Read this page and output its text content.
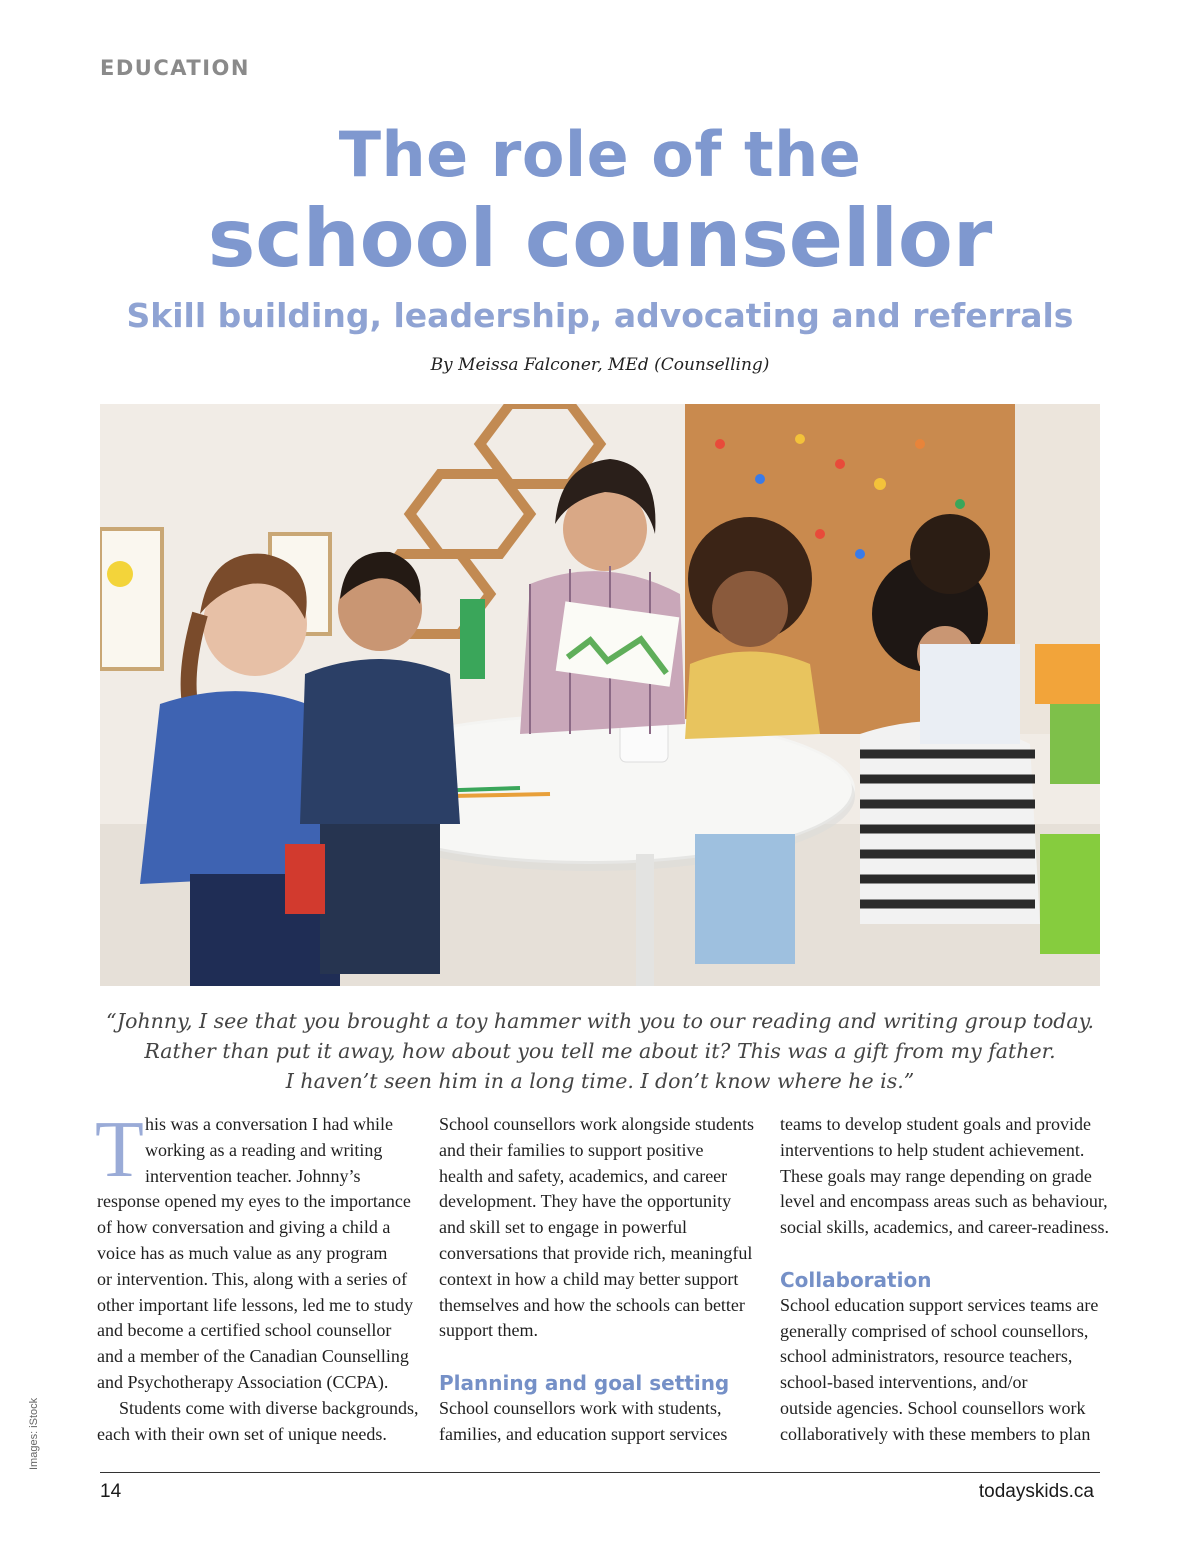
EDUCATION
The role of the
school counsellor
Skill building, leadership, advocating and referrals
By Meissa Falconer, MEd (Counselling)
“Johnny, I see that you brought a toy hammer with you to our reading and writing group today.
Rather than put it away, how about you tell me about it? This was a gift from my father.
I haven’t seen him in a long time. I don’t know where he is.”
T his was a conversation I had while
working as a reading and writing
intervention teacher. Johnny’s
response opened my eyes to the importance
of how conversation and giving a child a
voice has as much value as any program
or intervention. This, along with a series of
other important life lessons, led me to study
and become a certified school counsellor
and a member of the Canadian Counselling
and Psychotherapy Association (CCPA).
Students come with diverse backgrounds,
each with their own set of unique needs.
School counsellors work alongside students
and their families to support positive
health and safety, academics, and career
development. They have the opportunity
and skill set to engage in powerful
conversations that provide rich, meaningful
context in how a child may better support
themselves and how the schools can better
support them.
Planning and goal setting
School counsellors work with students,
families, and education support services
teams to develop student goals and provide
interventions to help student achievement.
These goals may range depending on grade
level and encompass areas such as behaviour,
social skills, academics, and career-readiness.
Collaboration
School education support services teams are
generally comprised of school counsellors,
school administrators, resource teachers,
school-based interventions, and/or
outside agencies. School counsellors work
collaboratively with these members to plan
Images: iStock
14	todayskids.ca
